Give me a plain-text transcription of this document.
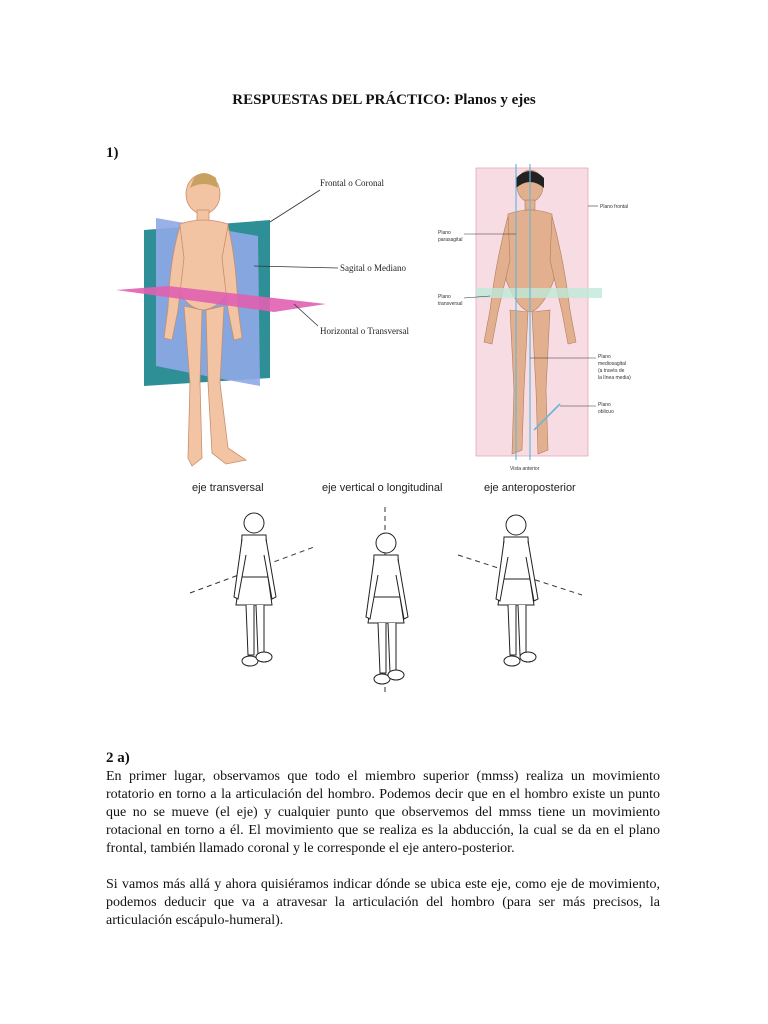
RESPUESTAS DEL PRÁCTICO: Planos y ejes
1)
Frontal o Coronal
Sagital o Mediano
Horizontal o Transversal
Plano frontal
Plano
parasagital
Plano
transversal
Plano
mediosagital
(a través de
la línea media)
Plano
oblicuo
Vista anterior
eje transversal	eje vertical o longitudinal	eje anteroposterior
2 a)

En primer lugar, observamos que todo el miembro superior (mmss) realiza un movimiento rotatorio en torno a la articulación del hombro. Podemos decir que en el hombro existe un punto que no se mueve (el eje) y cualquier punto que observemos del mmss tiene un movimiento rotacional en torno a él. El movimiento que se realiza es la abducción, la cual se da en el plano frontal, también llamado coronal y le corresponde el eje antero-posterior.

Si vamos más allá y ahora quisiéramos indicar dónde se ubica este eje, como eje de movimiento, podemos deducir que va a atravesar la articulación del hombro (para ser más precisos, la articulación escápulo-humeral).
